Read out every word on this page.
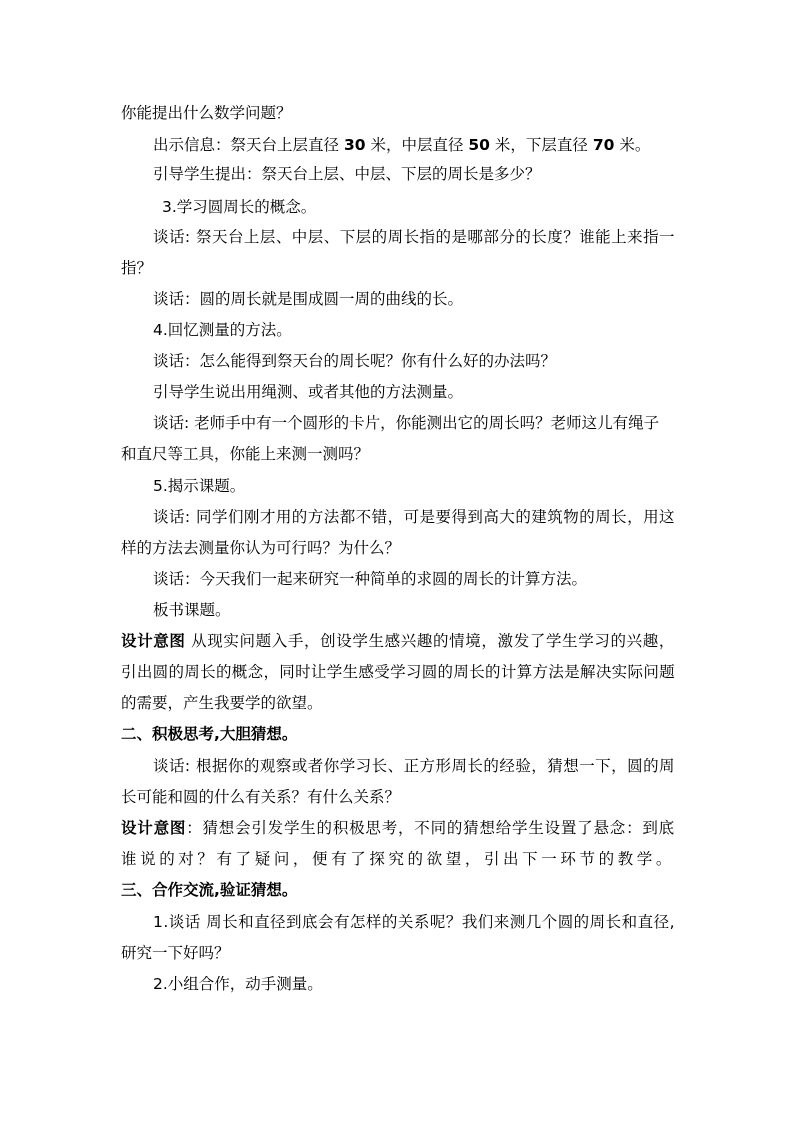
你能提出什么数学问题？

出示信息：祭天台上层直径 30 米，中层直径 50 米，下层直径 70 米。

引导学生提出：祭天台上层、中层、下层的周长是多少？

3.学习圆周长的概念。

谈话: 祭天台上层、中层、下层的周长指的是哪部分的长度？谁能上来指一

指？

谈话：圆的周长就是围成圆一周的曲线的长。

4.回忆测量的方法。

谈话：怎么能得到祭天台的周长呢？你有什么好的办法吗？

引导学生说出用绳测、或者其他的方法测量。

谈话: 老师手中有一个圆形的卡片，你能测出它的周长吗？老师这儿有绳子

和直尺等工具，你能上来测一测吗？

5.揭示课题。

谈话: 同学们刚才用的方法都不错，可是要得到高大的建筑物的周长，用这

样的方法去测量你认为可行吗？为什么？

谈话：今天我们一起来研究一种简单的求圆的周长的计算方法。

板书课题。

设计意图 从现实问题入手，创设学生感兴趣的情境，激发了学生学习的兴趣，

引出圆的周长的概念，同时让学生感受学习圆的周长的计算方法是解决实际问题

的需要，产生我要学的欲望。

二、积极思考,大胆猜想。

谈话: 根据你的观察或者你学习长、正方形周长的经验，猜想一下，圆的周

长可能和圆的什么有关系？有什么关系？

设计意图：猜想会引发学生的积极思考，不同的猜想给学生设置了悬念：到底

谁说的对？有了疑问，便有了探究的欲望，引出下一环节的教学。

三、合作交流,验证猜想。

1.谈话 周长和直径到底会有怎样的关系呢？我们来测几个圆的周长和直径,

研究一下好吗？

2.小组合作，动手测量。
